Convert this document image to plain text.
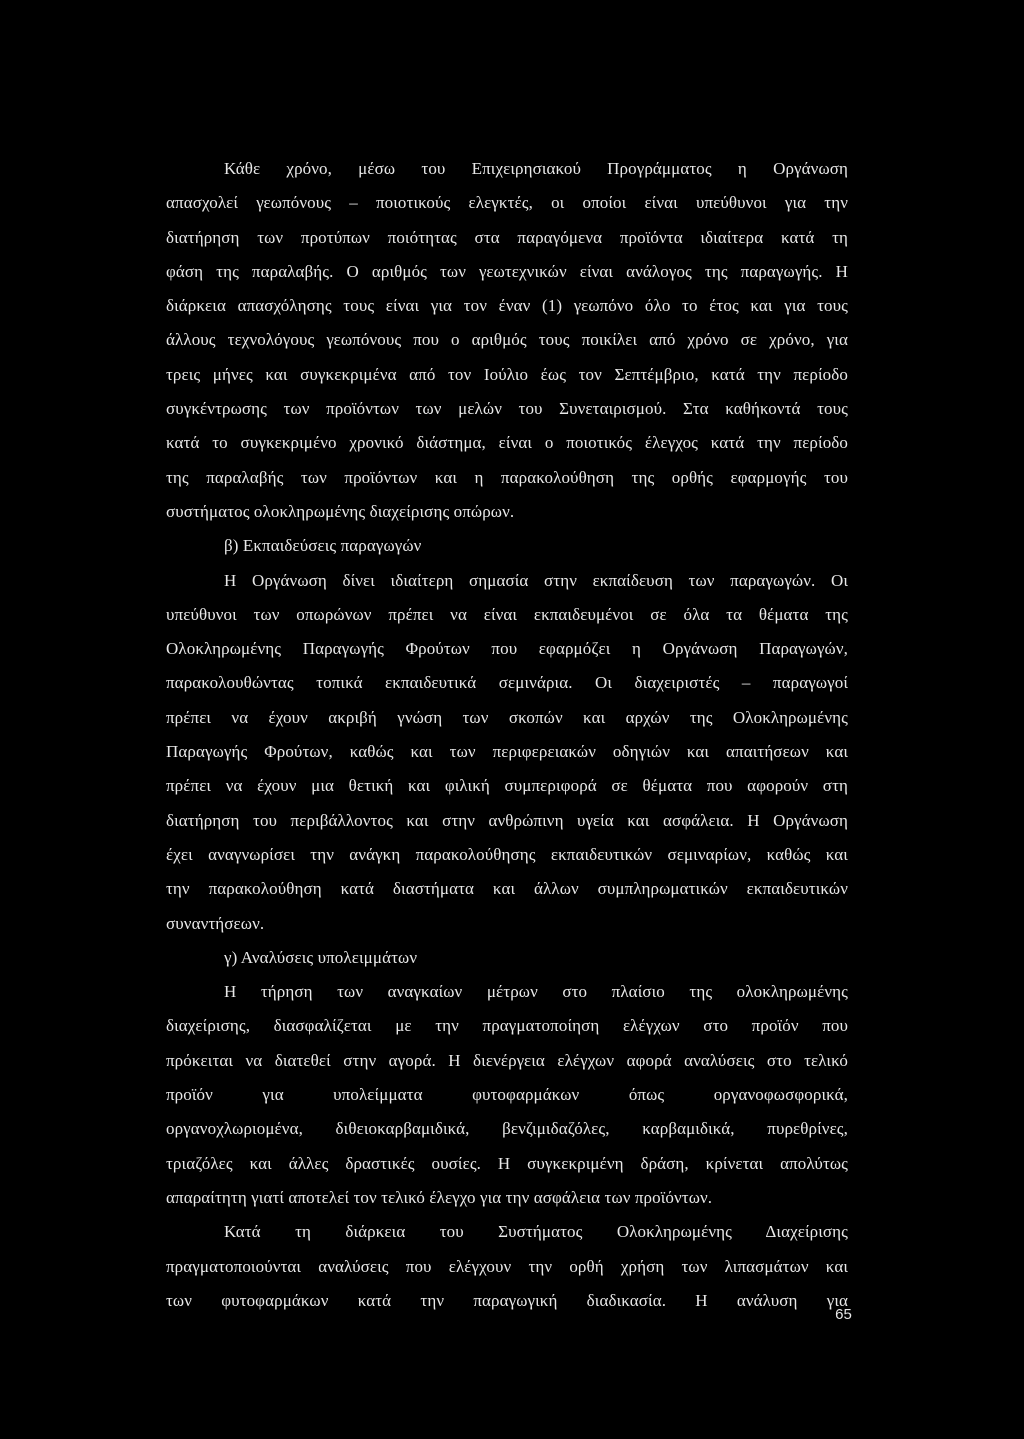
Κάθε χρόνο, μέσω του Επιχειρησιακού Προγράμματος η Οργάνωση
απασχολεί γεωπόνους – ποιοτικούς ελεγκτές, οι οποίοι είναι υπεύθυνοι για την
διατήρηση των προτύπων ποιότητας στα παραγόμενα προϊόντα ιδιαίτερα κατά τη
φάση της παραλαβής. Ο αριθμός των γεωτεχνικών είναι ανάλογος της παραγωγής. Η
διάρκεια απασχόλησης τους είναι για τον έναν (1) γεωπόνο όλο το έτος και για τους
άλλους τεχνολόγους γεωπόνους που ο αριθμός τους ποικίλει από χρόνο σε χρόνο, για
τρεις μήνες και συγκεκριμένα από τον Ιούλιο έως τον Σεπτέμβριο, κατά την περίοδο
συγκέντρωσης των προϊόντων των μελών του Συνεταιρισμού. Στα καθήκοντά τους
κατά το συγκεκριμένο χρονικό διάστημα, είναι ο ποιοτικός έλεγχος κατά την περίοδο
της παραλαβής των προϊόντων και η παρακολούθηση της ορθής εφαρμογής του
συστήματος ολοκληρωμένης διαχείρισης οπώρων.
β) Εκπαιδεύσεις παραγωγών
Η Οργάνωση δίνει ιδιαίτερη σημασία στην εκπαίδευση των παραγωγών. Οι
υπεύθυνοι των οπωρώνων πρέπει να είναι εκπαιδευμένοι σε όλα τα θέματα της
Ολοκληρωμένης Παραγωγής Φρούτων που εφαρμόζει η Οργάνωση Παραγωγών,
παρακολουθώντας τοπικά εκπαιδευτικά σεμινάρια. Οι διαχειριστές – παραγωγοί
πρέπει να έχουν ακριβή γνώση των σκοπών και αρχών της Ολοκληρωμένης
Παραγωγής Φρούτων, καθώς και των περιφερειακών οδηγιών και απαιτήσεων και
πρέπει να έχουν μια θετική και φιλική συμπεριφορά σε θέματα που αφορούν στη
διατήρηση του περιβάλλοντος και στην ανθρώπινη υγεία και ασφάλεια. Η Οργάνωση
έχει αναγνωρίσει την ανάγκη παρακολούθησης εκπαιδευτικών σεμιναρίων, καθώς και
την παρακολούθηση κατά διαστήματα και άλλων συμπληρωματικών εκπαιδευτικών
συναντήσεων.
γ) Αναλύσεις υπολειμμάτων
Η τήρηση των αναγκαίων μέτρων στο πλαίσιο της ολοκληρωμένης
διαχείρισης, διασφαλίζεται με την πραγματοποίηση ελέγχων στο προϊόν που
πρόκειται να διατεθεί στην αγορά. Η διενέργεια ελέγχων αφορά αναλύσεις στο τελικό
προϊόν για υπολείμματα φυτοφαρμάκων όπως οργανοφωσφορικά,
οργανοχλωριομένα, διθειοκαρβαμιδικά, βενζιμιδαζόλες, καρβαμιδικά, πυρεθρίνες,
τριαζόλες και άλλες δραστικές ουσίες. Η συγκεκριμένη δράση, κρίνεται απολύτως
απαραίτητη γιατί αποτελεί τον τελικό έλεγχο για την ασφάλεια των προϊόντων.
Κατά τη διάρκεια του Συστήματος Ολοκληρωμένης Διαχείρισης
πραγματοποιούνται αναλύσεις που ελέγχουν την ορθή χρήση των λιπασμάτων και
των φυτοφαρμάκων κατά την παραγωγική διαδικασία. Η ανάλυση για
65
